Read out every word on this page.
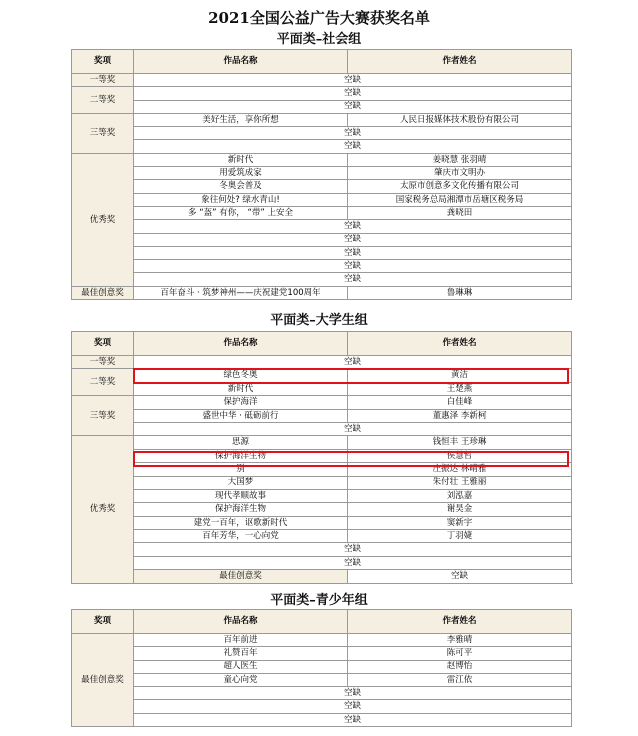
2021全国公益广告大赛获奖名单
平面类–社会组
平面类–大学生组
平面类–青少年组
奖项	作品名称	作者姓名
一等奖	空缺	
二等奖	空缺	
	空缺	
三等奖	美好生活，享你所想	人民日报媒体技术股份有限公司
	空缺	
	空缺	
优秀奖	新时代	姜晓慧 张羽晴
	用爱筑成家	肇庆市文明办
	冬奥会普及	太原市创意多文化传播有限公司
	象往何处? 绿水青山!	国家税务总局湘潭市岳塘区税务局
	多 “盔” 有你， “带” 上安全	龚晓田
	空缺	
	空缺	
	空缺	
	空缺	
	空缺	
最佳创意奖	百年奋斗 · 筑梦神州——庆祝建党100周年	鲁琳琳
奖项	作品名称	作者姓名
一等奖	空缺	
二等奖	绿色冬奥	黄洁
	新时代	王楚燕
三等奖	保护海洋	白佳峰
	盛世中华 · 砥砺前行	董惠泽 李新柯
	空缺	
优秀奖	思源	钱恒丰 王珍琳
	保护海洋生物	侯慧哲
	别	庄振达 林晴雅
	大国梦	朱付壮 王雅丽
	现代孝顺故事	刘泓嘉
	保护海洋生物	谢昊金
	建党一百年，讴歌新时代	窦新宇
	百年芳华，一心向党	丁羽婕
	空缺	
	空缺	
	最佳创意奖	空缺
奖项	作品名称	作者姓名
最佳创意奖	百年前进	李雅晴
	礼赞百年	陈可平
	超人医生	赵博怡
	童心向党	雷江依
	空缺	
	空缺	
	空缺	
